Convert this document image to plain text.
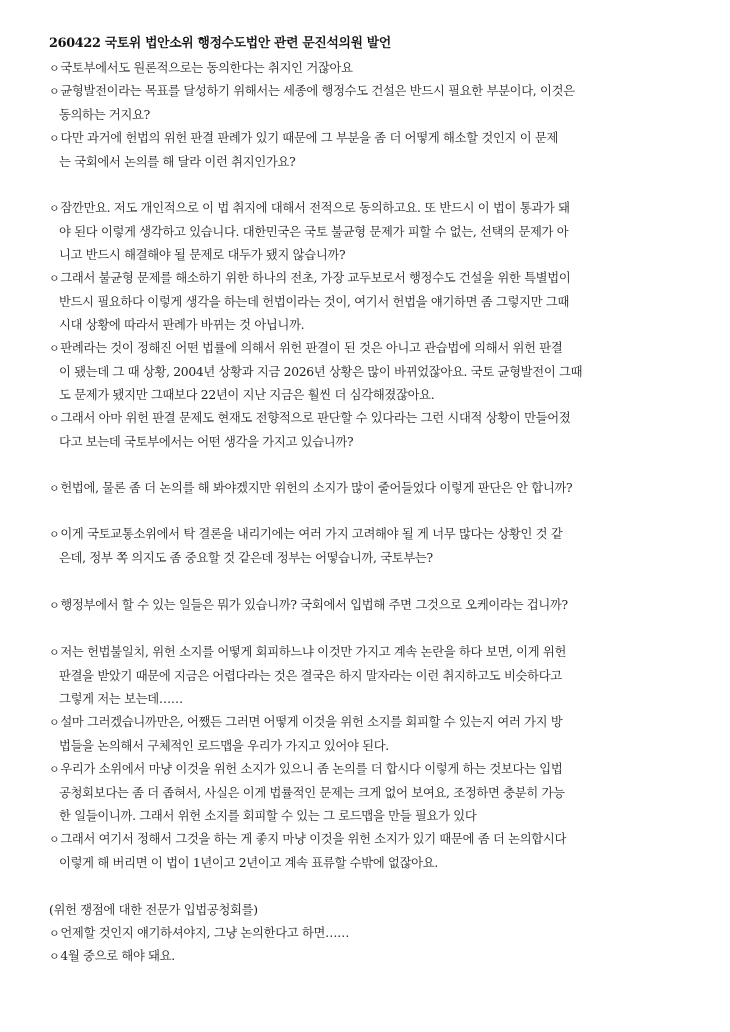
260422 국토위 법안소위 행정수도법안 관련 문진석의원 발언
ㅇ국토부에서도 원론적으로는 동의한다는 취지인 거잖아요
ㅇ균형발전이라는 목표를 달성하기 위해서는 세종에 행정수도 건설은 반드시 필요한 부분이다, 이것은
동의하는 거지요?
ㅇ다만 과거에 헌법의 위헌 판결 판례가 있기 때문에 그 부분을 좀 더 어떻게 해소할 것인지 이 문제
는 국회에서 논의를 해 달라 이런 취지인가요?
ㅇ잠깐만요. 저도 개인적으로 이 법 취지에 대해서 전적으로 동의하고요. 또 반드시 이 법이 통과가 돼
야 된다 이렇게 생각하고 있습니다. 대한민국은 국토 불균형 문제가 피할 수 없는, 선택의 문제가 아
니고 반드시 해결해야 될 문제로 대두가 됐지 않습니까?
ㅇ그래서 불균형 문제를 해소하기 위한 하나의 전초, 가장 교두보로서 행정수도 건설을 위한 특별법이
반드시 필요하다 이렇게 생각을 하는데 헌법이라는 것이, 여기서 헌법을 얘기하면 좀 그렇지만 그때
시대 상황에 따라서 판례가 바뀌는 것 아닙니까.
ㅇ판례라는 것이 정해진 어떤 법률에 의해서 위헌 판결이 된 것은 아니고 관습법에 의해서 위헌 판결
이 됐는데 그 때 상황, 2004년 상황과 지금 2026년 상황은 많이 바뀌었잖아요. 국토 균형발전이 그때
도 문제가 됐지만 그때보다 22년이 지난 지금은 훨씬 더 심각해졌잖아요.
ㅇ그래서 아마 위헌 판결 문제도 현재도 전향적으로 판단할 수 있다라는 그런 시대적 상황이 만들어졌
다고 보는데 국토부에서는 어떤 생각을 가지고 있습니까?
ㅇ헌법에, 물론 좀 더 논의를 해 봐야겠지만 위헌의 소지가 많이 줄어들었다 이렇게 판단은 안 합니까?
ㅇ이게 국토교통소위에서 탁 결론을 내리기에는 여러 가지 고려해야 될 게 너무 많다는 상황인 것 같
은데, 정부 쪽 의지도 좀 중요할 것 같은데 정부는 어떻습니까, 국토부는?
ㅇ행정부에서 할 수 있는 일들은 뭐가 있습니까? 국회에서 입법해 주면 그것으로 오케이라는 겁니까?
ㅇ저는 헌법불일치, 위헌 소지를 어떻게 회피하느냐 이것만 가지고 계속 논란을 하다 보면, 이게 위헌
판결을 받았기 때문에 지금은 어렵다라는 것은 결국은 하지 말자라는 이런 취지하고도 비슷하다고
그렇게 저는 보는데……
ㅇ설마 그러겠습니까만은, 어쨌든 그러면 어떻게 이것을 위헌 소지를 회피할 수 있는지 여러 가지 방
법들을 논의해서 구체적인 로드맵을 우리가 가지고 있어야 된다.
ㅇ우리가 소위에서 마냥 이것을 위헌 소지가 있으니 좀 논의를 더 합시다 이렇게 하는 것보다는 입법
공청회보다는 좀 더 좁혀서, 사실은 이게 법률적인 문제는 크게 없어 보여요, 조정하면 충분히 가능
한 일들이니까. 그래서 위헌 소지를 회피할 수 있는 그 로드맵을 만들 필요가 있다
ㅇ그래서 여기서 정해서 그것을 하는 게 좋지 마냥 이것을 위헌 소지가 있기 때문에 좀 더 논의합시다
이렇게 해 버리면 이 법이 1년이고 2년이고 계속 표류할 수밖에 없잖아요.
(위헌 쟁점에 대한 전문가 입법공청회를)
ㅇ언제할 것인지 얘기하셔야지, 그냥 논의한다고 하면……
ㅇ4월 중으로 해야 돼요.
